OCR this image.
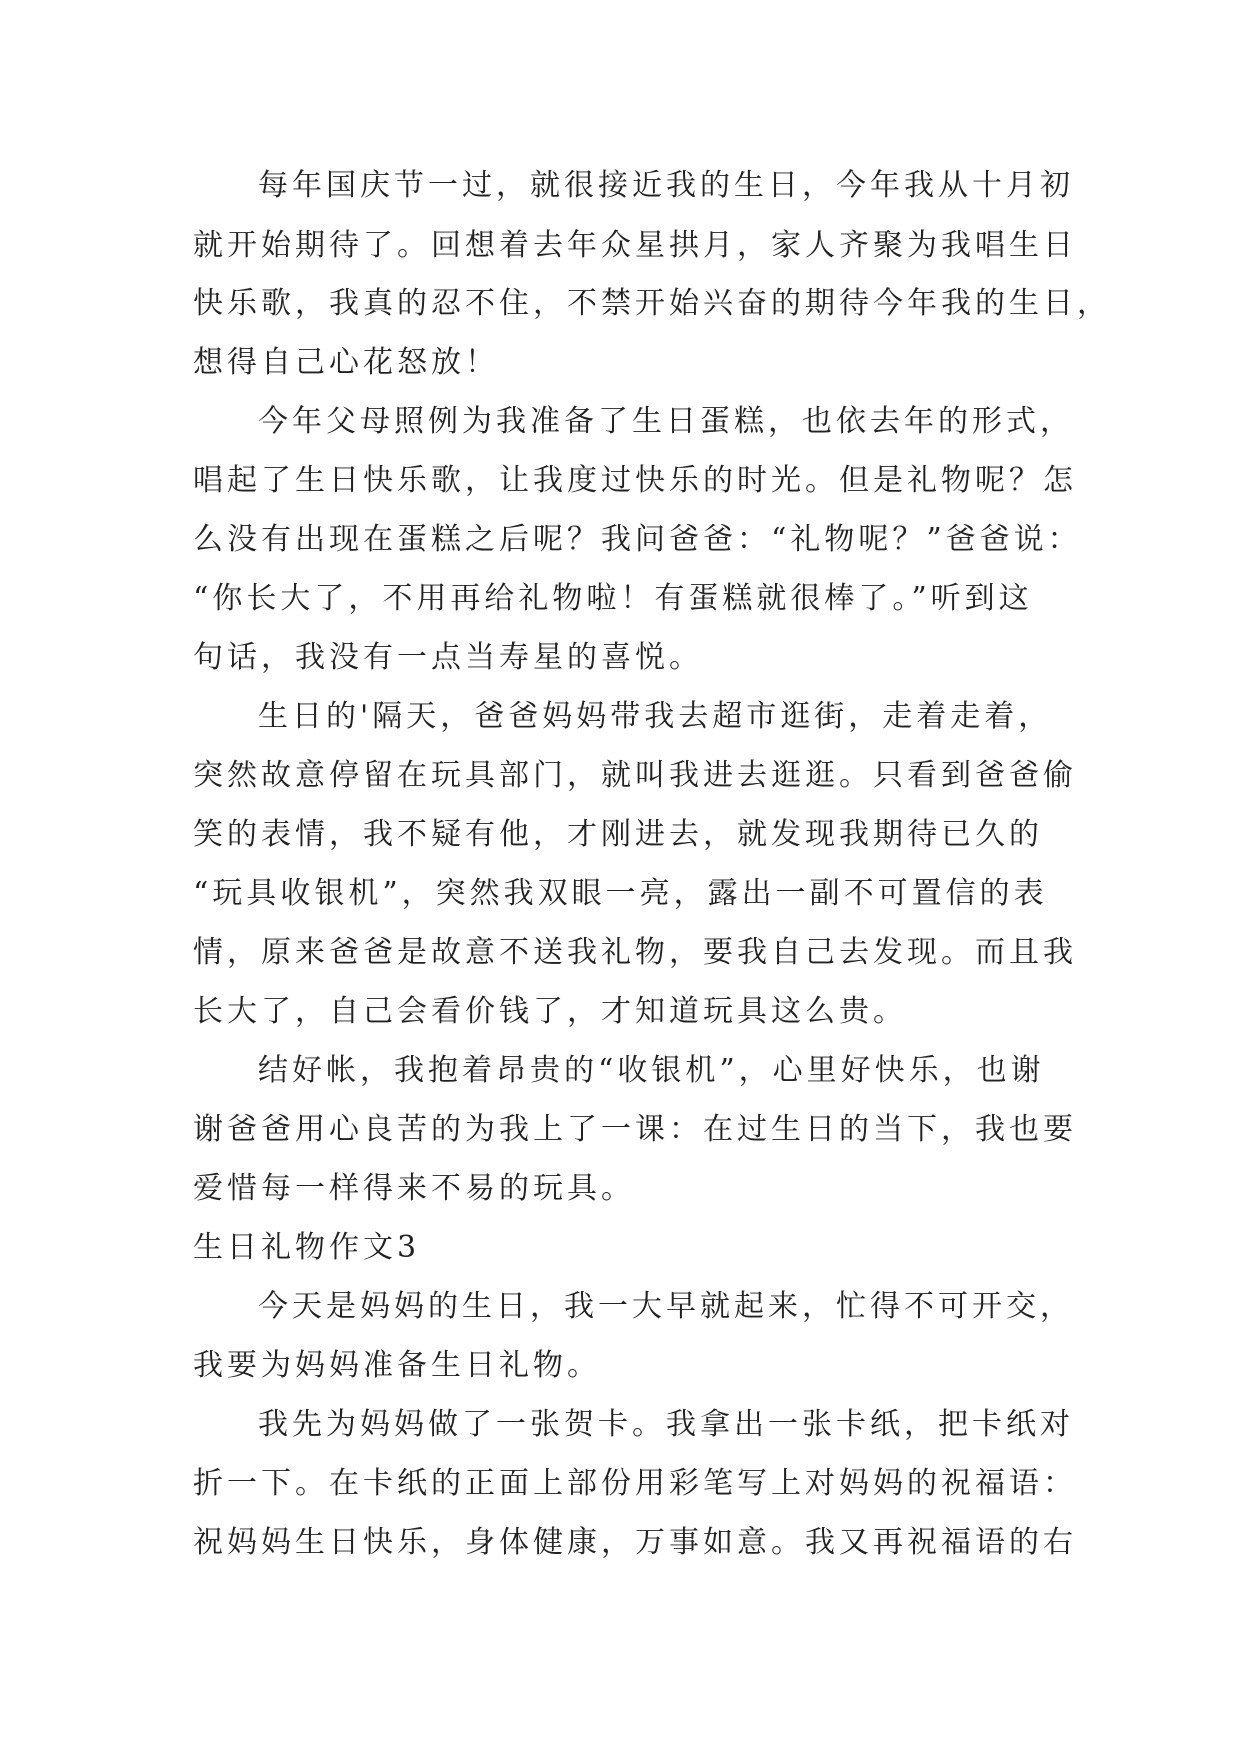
每年国庆节一过，就很接近我的生日，今年我从十月初
就开始期待了。回想着去年众星拱月，家人齐聚为我唱生日
快乐歌，我真的忍不住，不禁开始兴奋的期待今年我的生日，
想得自己心花怒放！
今年父母照例为我准备了生日蛋糕，也依去年的形式，
唱起了生日快乐歌，让我度过快乐的时光。但是礼物呢？怎
么没有出现在蛋糕之后呢？我问爸爸：“礼物呢？”爸爸说：
“你长大了，不用再给礼物啦！有蛋糕就很棒了。”听到这
句话，我没有一点当寿星的喜悦。
生日的'隔天，爸爸妈妈带我去超市逛街，走着走着，
突然故意停留在玩具部门，就叫我进去逛逛。只看到爸爸偷
笑的表情，我不疑有他，才刚进去，就发现我期待已久的
“玩具收银机”，突然我双眼一亮，露出一副不可置信的表
情，原来爸爸是故意不送我礼物，要我自己去发现。而且我
长大了，自己会看价钱了，才知道玩具这么贵。
结好帐，我抱着昂贵的“收银机”，心里好快乐，也谢
谢爸爸用心良苦的为我上了一课：在过生日的当下，我也要
爱惜每一样得来不易的玩具。
生日礼物作文3
今天是妈妈的生日，我一大早就起来，忙得不可开交，
我要为妈妈准备生日礼物。
我先为妈妈做了一张贺卡。我拿出一张卡纸，把卡纸对
折一下。在卡纸的正面上部份用彩笔写上对妈妈的祝福语：
祝妈妈生日快乐，身体健康，万事如意。我又再祝福语的右
